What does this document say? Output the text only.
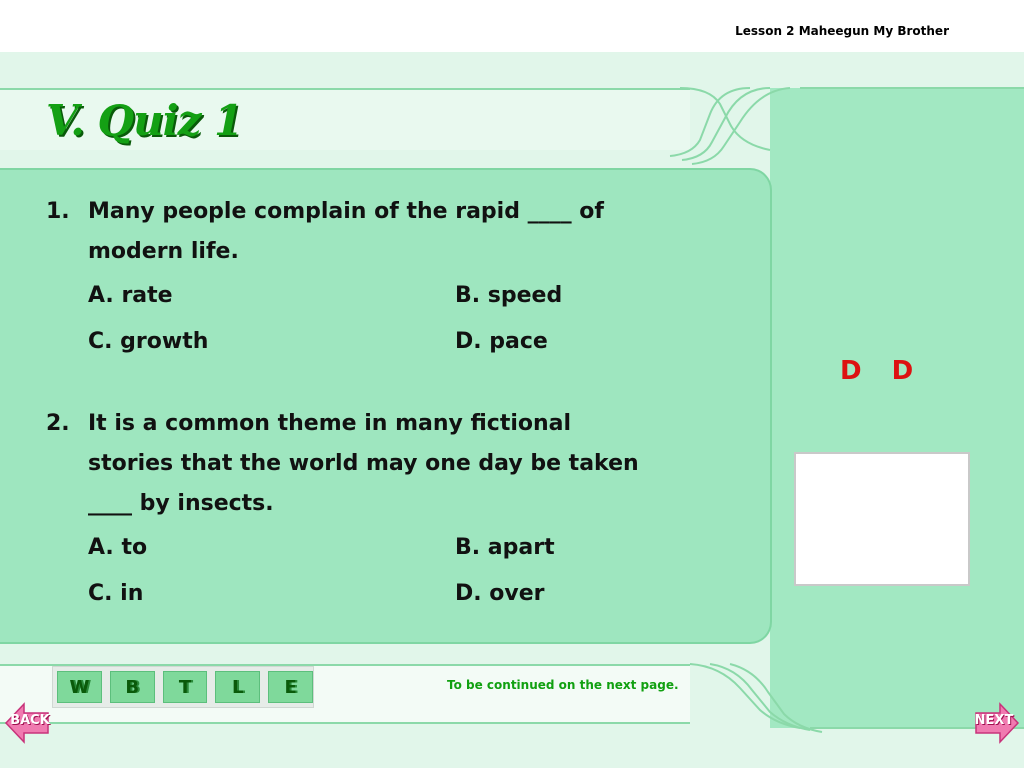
Lesson 2 Maheegun My Brother
V. Quiz 1
1. Many people complain of the rapid ____ of
modern life.
A. rate	B. speed
C. growth	D. pace
2. It is a common theme in many fictional
stories that the world may one day be taken
____ by insects.
A. to	B. apart
C. in	D. over
D D
W	B	T	L	E	To be continued on the next page.
BACK	NEXT
